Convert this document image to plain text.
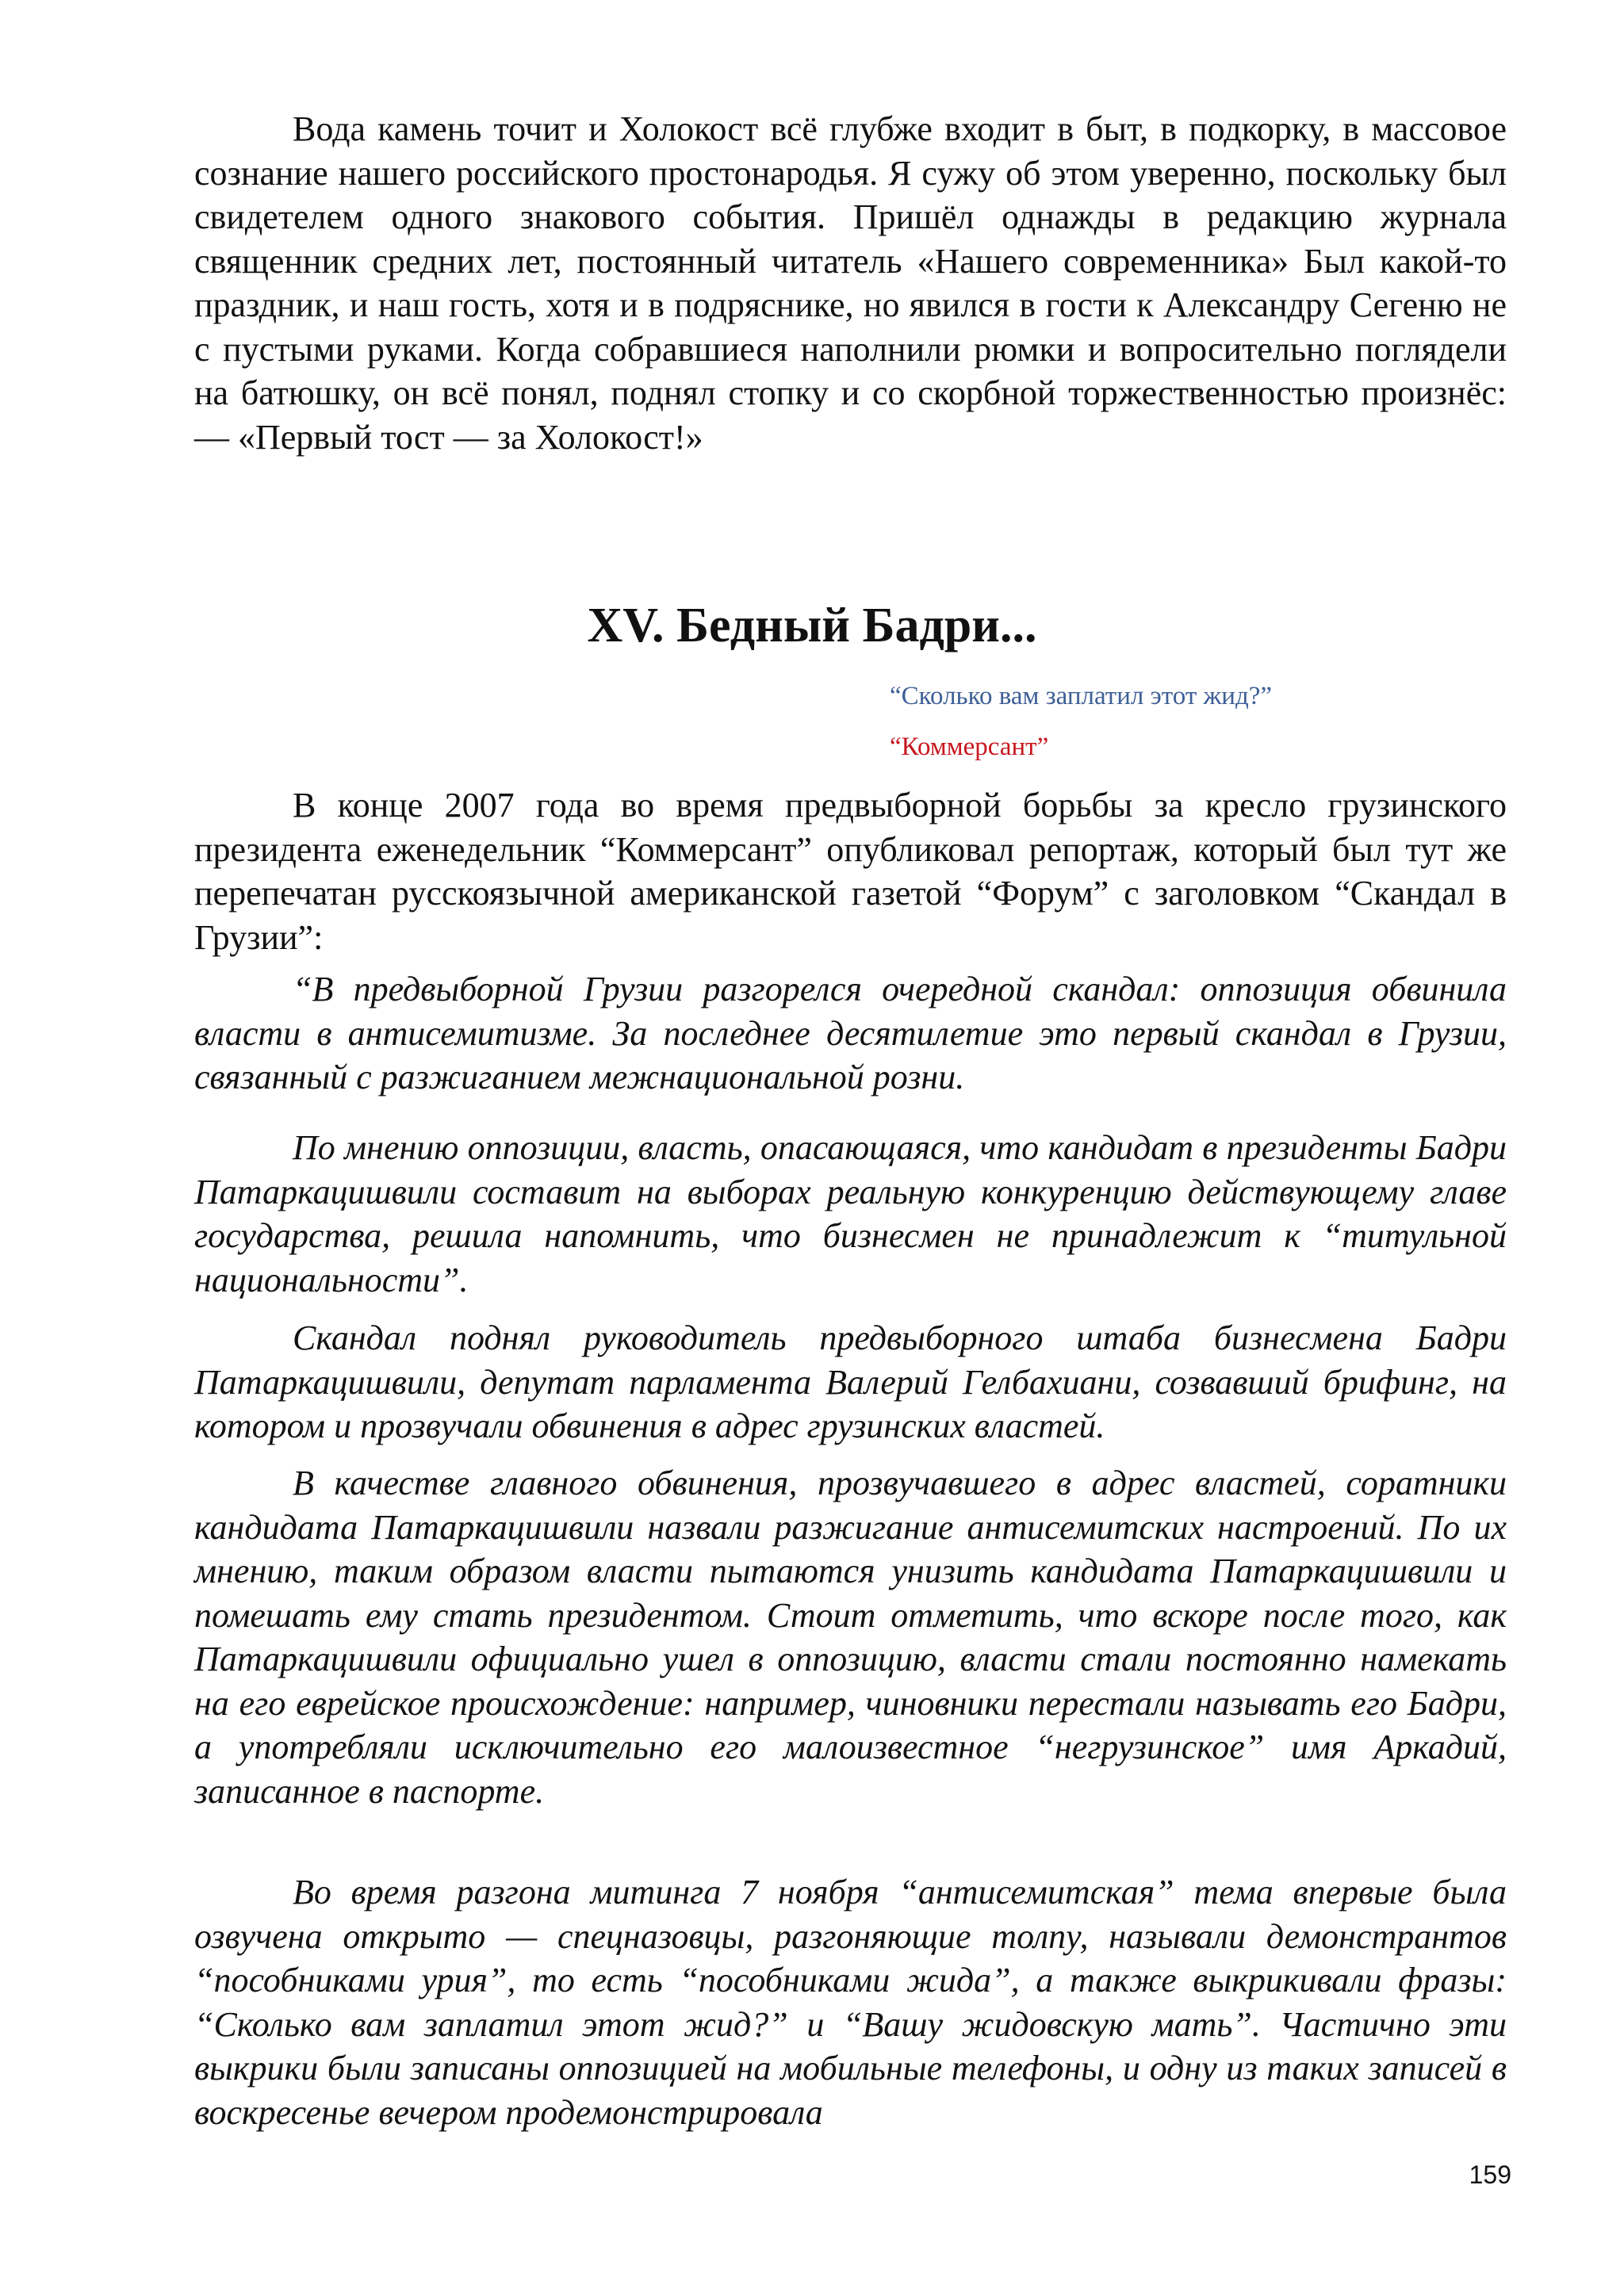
Вода камень точит и Холокост всё глубже входит в быт, в подкорку, в массовое сознание нашего российского простонародья. Я сужу об этом уверенно, поскольку был свидетелем одного знакового события. Пришёл однажды в редакцию журнала священник средних лет, постоянный читатель «Нашего современника» Был какой-то праздник, и наш гость, хотя и в подряснике, но явился в гости к Александру Сегеню не с пустыми руками. Когда собравшиеся наполнили рюмки и вопросительно поглядели на батюшку, он всё понял, поднял стопку и со скорбной торжественностью произнёс: — «Первый тост — за Холокост!»

XV. Бедный Бадри...

“Сколько вам заплатил этот жид?”

“Коммерсант”

В конце 2007 года во время предвыборной борьбы за кресло грузинского президента еженедельник “Коммерсант” опубликовал репортаж, который был тут же перепечатан русскоязычной американской газетой “Форум” с заголовком “Скандал в Грузии”:

“В предвыборной Грузии разгорелся очередной скандал: оппозиция обвинила власти в антисемитизме. За последнее десятилетие это первый скандал в Грузии, связанный с разжиганием межнациональной розни.

По мнению оппозиции, власть, опасающаяся, что кандидат в президенты Бадри Патаркацишвили составит на выборах реальную конкуренцию действующему главе государства, решила напомнить, что бизнесмен не принадлежит к “титульной национальности”.

Скандал поднял руководитель предвыборного штаба бизнесмена Бадри Патаркацишвили, депутат парламента Валерий Гелбахиани, созвавший брифинг, на котором и прозвучали обвинения в адрес грузинских властей.

В качестве главного обвинения, прозвучавшего в адрес властей, соратники кандидата Патаркацишвили назвали разжигание антисемитских настроений. По их мнению, таким образом власти пытаются унизить кандидата Патаркацишвили и помешать ему стать президентом. Стоит отметить, что вскоре после того, как Патаркацишвили официально ушел в оппозицию, власти стали постоянно намекать на его еврейское происхождение: например, чиновники перестали называть его Бадри, а употребляли исключительно его малоизвестное “негрузинское” имя Аркадий, записанное в паспорте.

Во время разгона митинга 7 ноября “антисемитская” тема впервые была озвучена открыто — спецназовцы, разгоняющие толпу, называли демонстрантов “пособниками урия”, то есть “пособниками жида”, а также выкрикивали фразы: “Сколько вам заплатил этот жид?” и “Вашу жидовскую мать”. Частично эти выкрики были записаны оппозицией на мобильные телефоны, и одну из таких записей в воскресенье вечером продемонстрировала

159
